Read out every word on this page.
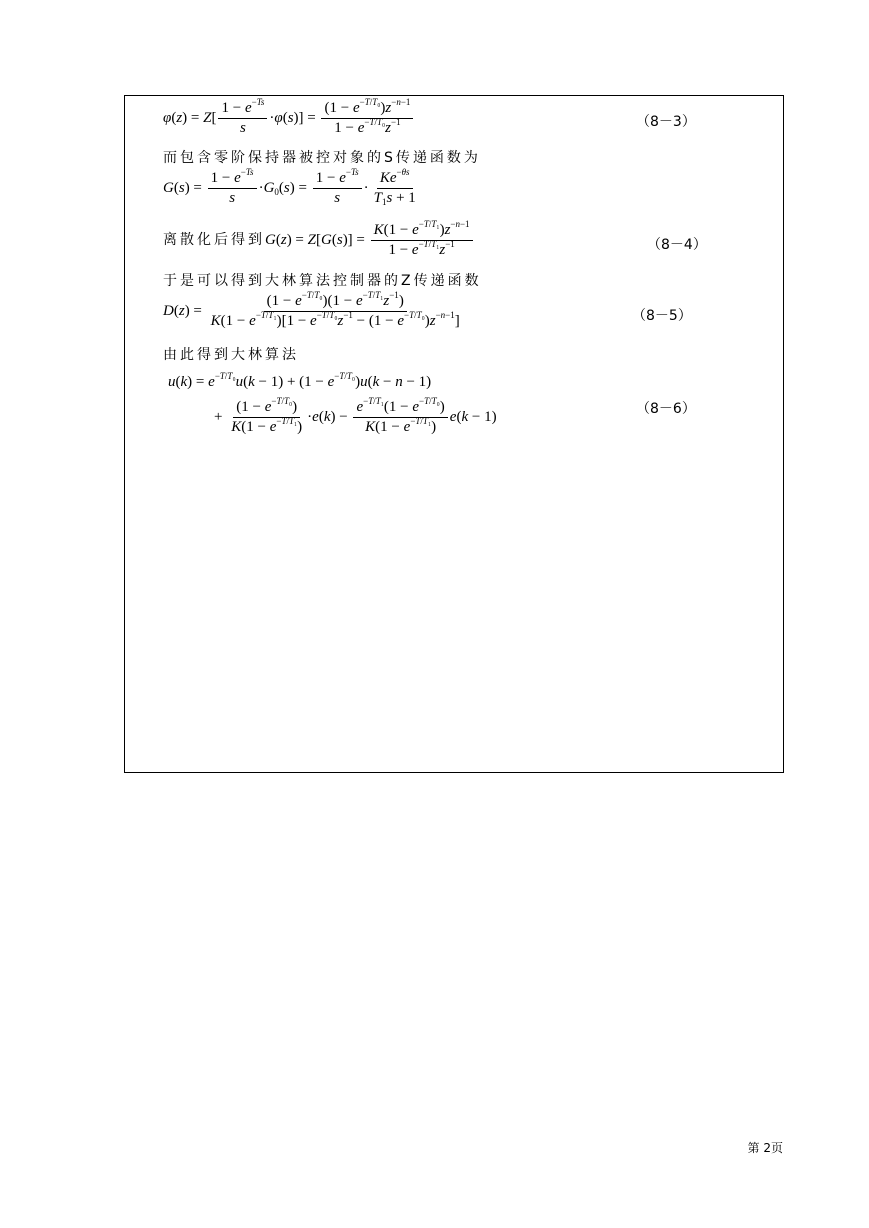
$\varphi(z) = Z[ \frac{1 - e^{-Ts}}{s} \cdot\varphi(s)] = \frac{(1 - e^{-T/T_0})z^{-n-1}}{1 - e^{-T/T_0}z^{-1}}$	（8－3）
而包含零阶保持器被控对象的S传递函数为
$G(s) = \frac{1 - e^{-Ts}}{s} \cdot G_0(s) = \frac{1 - e^{-Ts}}{s} \cdot \frac{Ke^{-\theta s}}{T_1s + 1}$
离散化后得到$G(z) = Z[G(s)] = \frac{K(1 - e^{-T/T_1})z^{-n-1}}{1 - e^{-T/T_1}z^{-1}}$	（8－4）
于是可以得到大林算法控制器的Z传递函数
$D(z) = \frac{(1 - e^{-T/T_0})(1 - e^{-T/T_1}z^{-1})}{K(1 - e^{-T/T_1})[1 - e^{-T/T_0}z^{-1} - (1 - e^{-T/T_0})z^{-n-1}]}$	（8－5）
由此得到大林算法
$u(k) = e^{-T/T_0}u(k - 1) + (1 - e^{-T/T_0})u(k - n - 1)$
+ $\frac{(1 - e^{-T/T_0})}{K(1 - e^{-T/T_1})} \cdot e(k) - \frac{e^{-T/T_1}(1 - e^{-T/T_0})}{K(1 - e^{-T/T_1})} e(k - 1)$	（8－6）
第 2页
